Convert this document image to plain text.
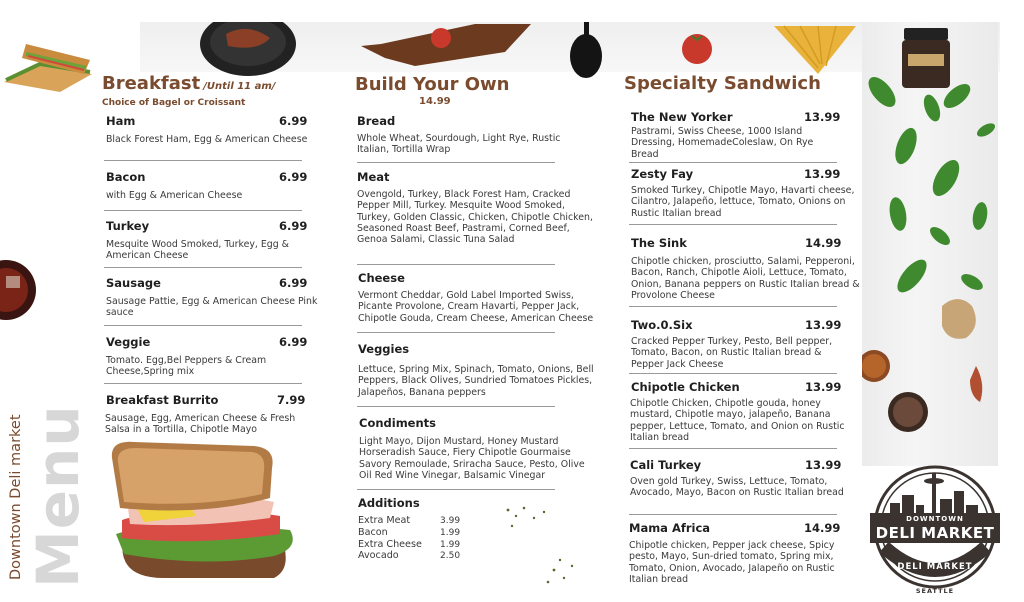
Menu
Downtown Deli market
Breakfast /Until 11 am/
Choice of Bagel or Croissant
Ham	6.99
Black Forest Ham, Egg & American Cheese
Bacon	6.99
with Egg & American Cheese
Turkey	6.99
Mesquite Wood Smoked, Turkey, Egg & American Cheese
Sausage	6.99
Sausage Pattie, Egg & American Cheese Pink sauce
Veggie	6.99
Tomato. Egg,Bel Peppers & Cream Cheese,Spring mix
Breakfast Burrito	7.99
Sausage, Egg, American Cheese & Fresh Salsa in a Tortilla, Chipotle Mayo
Build Your Own
14.99
Bread
Whole Wheat, Sourdough, Light Rye, Rustic Italian, Tortilla Wrap
Meat
Ovengold, Turkey, Black Forest Ham, Cracked Pepper Mill, Turkey. Mesquite Wood Smoked, Turkey, Golden Classic, Chicken, Chipotle Chicken, Seasoned Roast Beef, Pastrami, Corned Beef, Genoa Salami, Classic Tuna Salad
Cheese
Vermont Cheddar, Gold Label Imported Swiss, Picante Provolone, Cream Havarti, Pepper Jack, Chipotle Gouda, Cream Cheese, American Cheese
Veggies
Lettuce, Spring Mix, Spinach, Tomato, Onions, Bell Peppers, Black Olives, Sundried Tomatoes Pickles, Jalapeños, Banana peppers
Condiments
Light Mayo, Dijon Mustard, Honey Mustard Horseradish Sauce, Fiery Chipotle Gourmaise Savory Remoulade, Sriracha Sauce, Pesto, Olive Oil Red Wine Vinegar, Balsamic Vinegar
Additions
Extra Meat	3.99
Bacon	1.99
Extra Cheese 1.99
Avocado	2.50
Specialty Sandwich
The New Yorker	13.99
Pastrami, Swiss Cheese, 1000 Island Dressing, HomemadeColeslaw, On Rye Bread
Zesty Fay	13.99
Smoked Turkey, Chipotle Mayo, Havarti cheese, Cilantro, Jalapeño, lettuce, Tomato, Onions on Rustic Italian bread
The Sink	14.99
Chipotle chicken, prosciutto, Salami, Pepperoni, Bacon, Ranch, Chipotle Aioli, Lettuce, Tomato, Onion, Banana peppers on Rustic Italian bread & Provolone Cheese
Two.0.Six	13.99
Cracked Pepper Turkey, Pesto, Bell pepper, Tomato, Bacon, on Rustic Italian bread & Pepper Jack Cheese
Chipotle Chicken	13.99
Chipotle Chicken, Chipotle gouda, honey mustard, Chipotle mayo, jalapeño, Banana pepper, Lettuce, Tomato, and Onion on Rustic Italian bread
Cali Turkey	13.99
Oven gold Turkey, Swiss, Lettuce, Tomato, Avocado, Mayo, Bacon on Rustic Italian bread
Mama Africa	14.99
Chipotle chicken, Pepper jack cheese, Spicy pesto, Mayo, Sun-dried tomato, Spring mix, Tomato, Onion, Avocado, Jalapeño on Rustic Italian bread
DOWNTOWN
DELI MARKET
DELI MARKET
SEATTLE
